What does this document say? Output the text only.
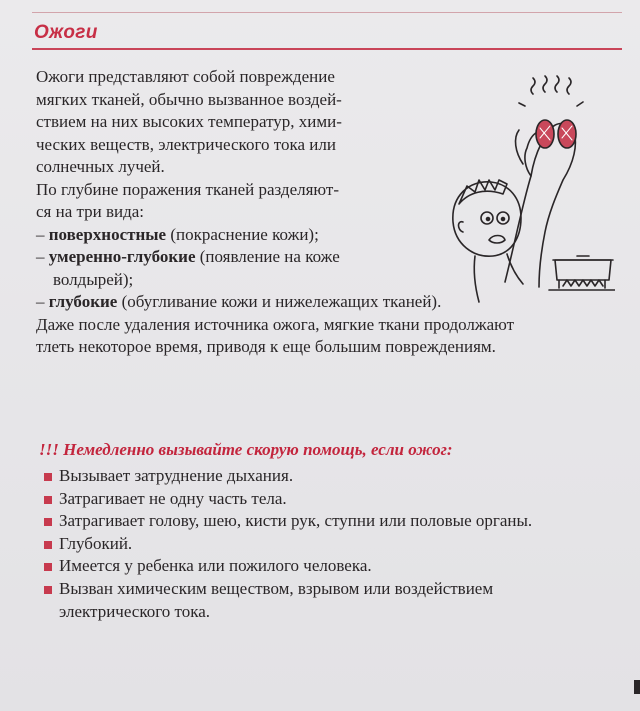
Ожоги
Ожоги представляют собой повреждение
мягких тканей, обычно вызванное воздей-
ствием на них высоких температур, хими-
ческих веществ, электрического тока или
солнечных лучей.
По глубине поражения тканей разделяют-
ся на три вида:
– поверхностные (покраснение кожи);
– умеренно-глубокие (появление на коже
волдырей);
– глубокие (обугливание кожи и нижележащих тканей).
Даже после удаления источника ожога, мягкие ткани продолжают
тлеть некоторое время, приводя к еще большим повреждениям.
!!! Немедленно вызывайте скорую помощь, если ожог:
Вызывает затруднение дыхания.
Затрагивает не одну часть тела.
Затрагивает голову, шею, кисти рук, ступни или половые органы.
Глубокий.
Имеется у ребенка или пожилого человека.
Вызван химическим веществом, взрывом или воздействием
электрического тока.
